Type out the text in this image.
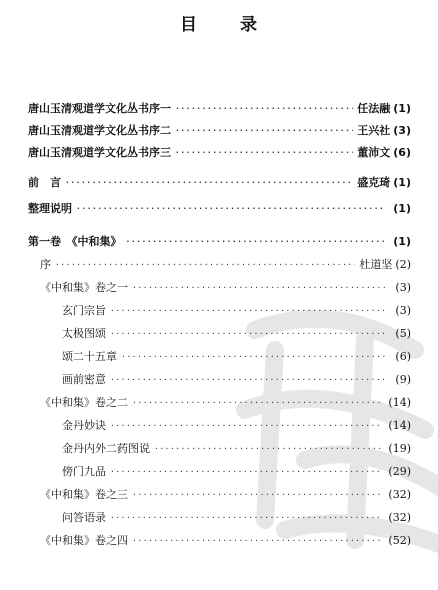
目 录
唐山玉清观道学文化丛书序一 ·····	任法融 (1)
唐山玉清观道学文化丛书序二 ·····	王兴社 (3)
唐山玉清观道学文化丛书序三 ·····	董沛文 (6)
前　言 ·····	盛克琦 (1)
整理说明 ·····	(1)
第一卷　《中和集》 ·····	(1)
序 ·····	杜道坚 (2)
《中和集》卷之一 ·····	(3)
玄门宗旨 ·····	(3)
太极图颂 ·····	(5)
颂二十五章 ·····	(6)
画前密意 ·····	(9)
《中和集》卷之二 ·····	(14)
金丹妙诀 ·····	(14)
金丹内外二药图说 ·····	(19)
傍门九品 ·····	(29)
《中和集》卷之三 ·····	(32)
问答语录 ·····	(32)
《中和集》卷之四 ·····	(52)
